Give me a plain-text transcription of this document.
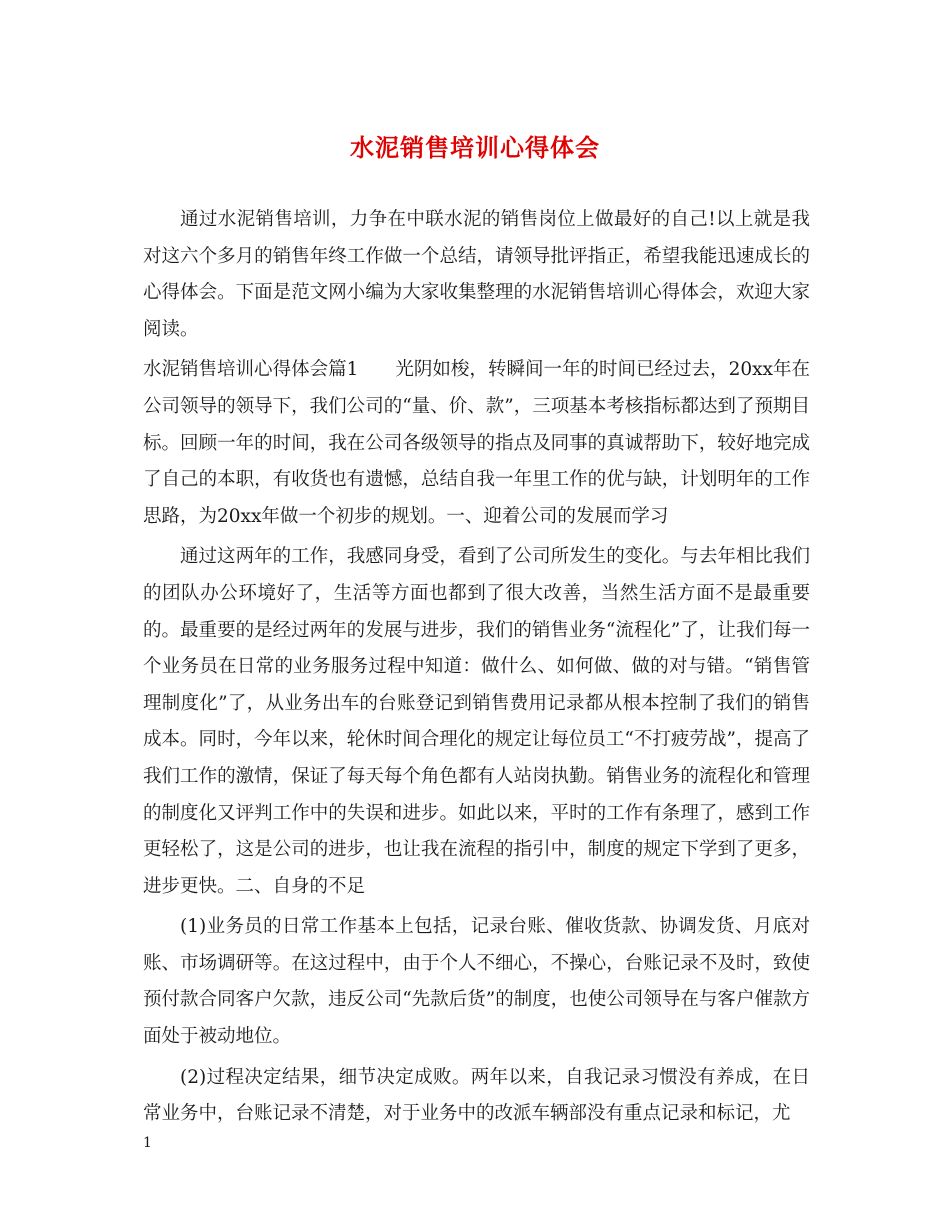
水泥销售培训心得体会

通过水泥销售培训，力争在中联水泥的销售岗位上做最好的自己!以上就是我对这六个多月的销售年终工作做一个总结，请领导批评指正，希望我能迅速成长的心得体会。下面是范文网小编为大家收集整理的水泥销售培训心得体会，欢迎大家阅读。

水泥销售培训心得体会篇1　　光阴如梭，转瞬间一年的时间已经过去，20xx年在公司领导的领导下，我们公司的“量、价、款”，三项基本考核指标都达到了预期目标。回顾一年的时间，我在公司各级领导的指点及同事的真诚帮助下，较好地完成了自己的本职，有收货也有遗憾，总结自我一年里工作的优与缺，计划明年的工作思路，为20xx年做一个初步的规划。一、迎着公司的发展而学习

通过这两年的工作，我感同身受，看到了公司所发生的变化。与去年相比我们的团队办公环境好了，生活等方面也都到了很大改善，当然生活方面不是最重要的。最重要的是经过两年的发展与进步，我们的销售业务“流程化”了，让我们每一个业务员在日常的业务服务过程中知道：做什么、如何做、做的对与错。“销售管理制度化”了，从业务出车的台账登记到销售费用记录都从根本控制了我们的销售成本。同时，今年以来，轮休时间合理化的规定让每位员工“不打疲劳战”，提高了我们工作的激情，保证了每天每个角色都有人站岗执勤。销售业务的流程化和管理的制度化又评判工作中的失误和进步。如此以来，平时的工作有条理了，感到工作更轻松了，这是公司的进步，也让我在流程的指引中，制度的规定下学到了更多，进步更快。二、自身的不足

(1)业务员的日常工作基本上包括，记录台账、催收货款、协调发货、月底对账、市场调研等。在这过程中，由于个人不细心，不操心，台账记录不及时，致使预付款合同客户欠款，违反公司“先款后货”的制度，也使公司领导在与客户催款方面处于被动地位。

(2)过程决定结果，细节决定成败。两年以来，自我记录习惯没有养成，在日常业务中，台账记录不清楚，对于业务中的改派车辆部没有重点记录和标记，尤

1
